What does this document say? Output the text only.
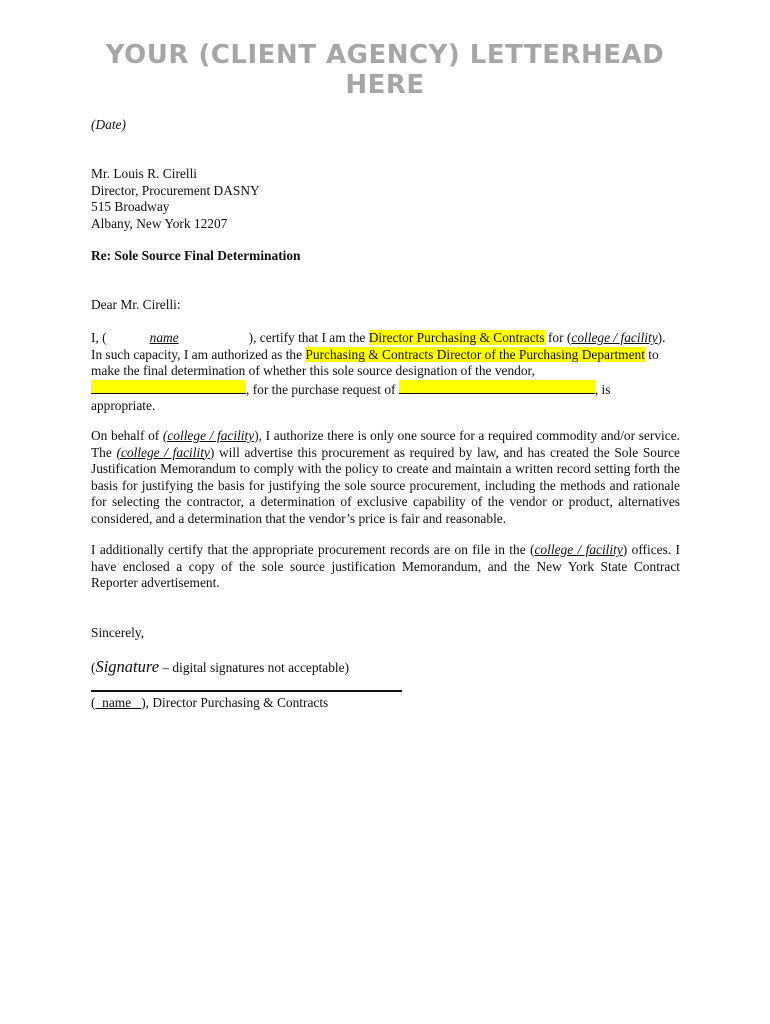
YOUR (CLIENT AGENCY) LETTERHEAD
HERE
(Date)
Mr. Louis R. Cirelli
Director, Procurement DASNY
515 Broadway
Albany, New York 12207
Re: Sole Source Final Determination
Dear Mr. Cirelli:
I, (	name	), certify that I am the Director Purchasing & Contracts for (college / facility).
In such capacity, I am authorized as the Purchasing & Contracts Director of the Purchasing Department to make the final determination of whether this sole source designation of the vendor,
, for the purchase request of	, is
appropriate.
On behalf of (college / facility), I authorize there is only one source for a required commodity and/or service. The (college / facility) will advertise this procurement as required by law, and has created the Sole Source Justification Memorandum to comply with the policy to create and maintain a written record setting forth the basis for justifying the basis for justifying the sole source procurement, including the methods and rationale for selecting the contractor, a determination of exclusive capability of the vendor or product, alternatives considered, and a determination that the vendor’s price is fair and reasonable.
I additionally certify that the appropriate procurement records are on file in the (college / facility) offices. I have enclosed a copy of the sole source justification Memorandum, and the New York State Contract Reporter advertisement.
Sincerely,
(Signature – digital signatures not acceptable)
(  name   ), Director Purchasing & Contracts
